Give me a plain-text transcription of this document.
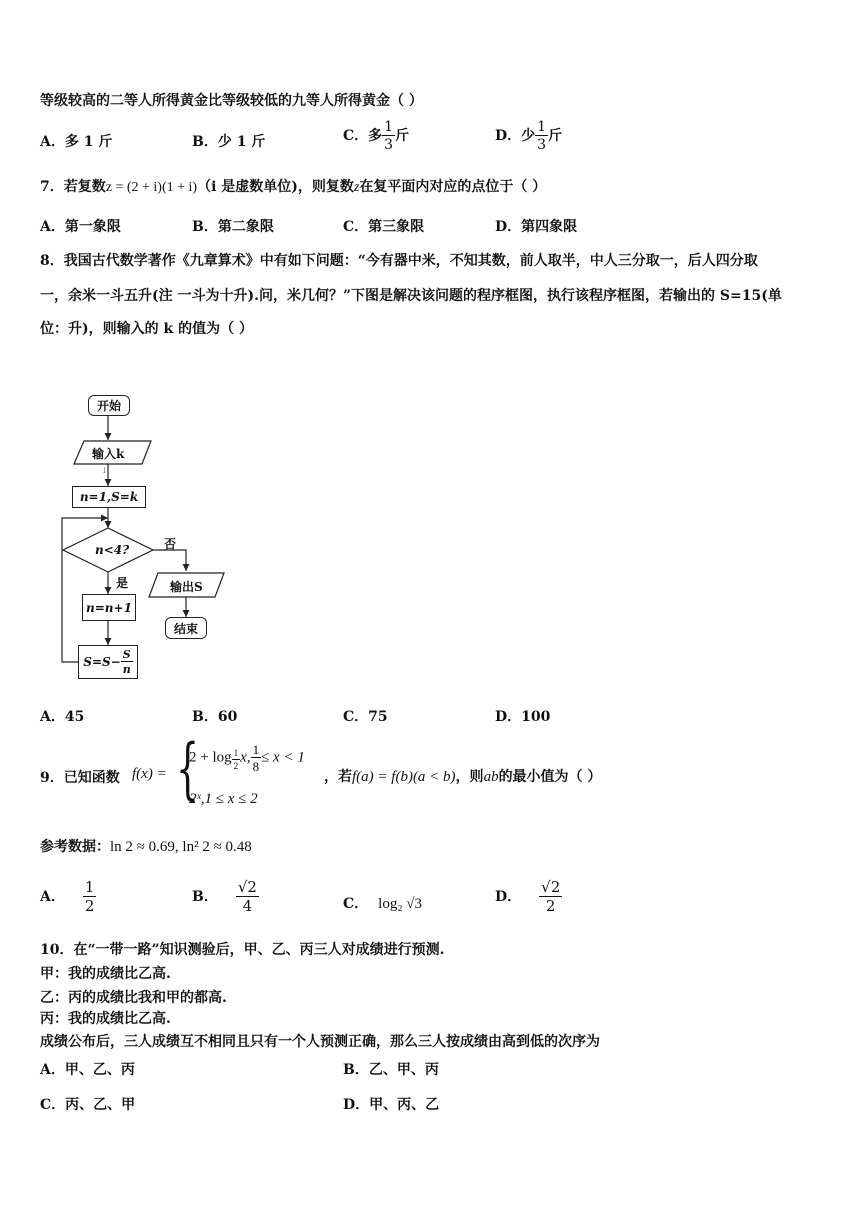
等级较高的二等人所得黄金比等级较低的九等人所得黄金（ ）
A．多 1 斤	B．少 1 斤	C．多 $\frac{1}{3}$ 斤	D．少 $\frac{1}{3}$ 斤
7．若复数z = (2 + i)(1 + i)（i 是虚数单位)，则复数z在复平面内对应的点位于（ ）
A．第一象限	B．第二象限	C．第三象限	D．第四象限
8．我国古代数学著作《九章算术》中有如下问题：“今有器中米，不知其数，前人取半，中人三分取一，后人四分取
一，余米一斗五升(注 一斗为十升).问，米几何？”下图是解决该问题的程序框图，执行该程序框图，若输出的 S=15(单
位：升)，则输入的 k 的值为（ ）
开始
输入k
↓
n=1,S=k
n<4?	否
是	输出S
结束
n=n+1
$S=S- \frac{S}{n}$
A．45	B．60	C．75	D．100
9．已知函数 f(x) = {
$2 + \log \frac{1}{2} x$, $\frac{1}{8} \le x < 1$
2ˣ,1 ≤ x ≤ 2
，若f(a) = f(b)(a < b)，则ab的最小值为（ ）
参考数据：ln 2 ≈ 0.69, ln² 2 ≈ 0.48
A． $\frac{1}{2}$	B． $\frac{√2}{4}$	C． log₂ √3	D． $\frac{√2}{2}$
10．在“一带一路”知识测验后，甲、乙、丙三人对成绩进行预测.
甲：我的成绩比乙高.
乙：丙的成绩比我和甲的都高.
丙：我的成绩比乙高.
成绩公布后，三人成绩互不相同且只有一个人预测正确，那么三人按成绩由高到低的次序为
A．甲、乙、丙	B．乙、甲、丙
C．丙、乙、甲	D．甲、丙、乙
